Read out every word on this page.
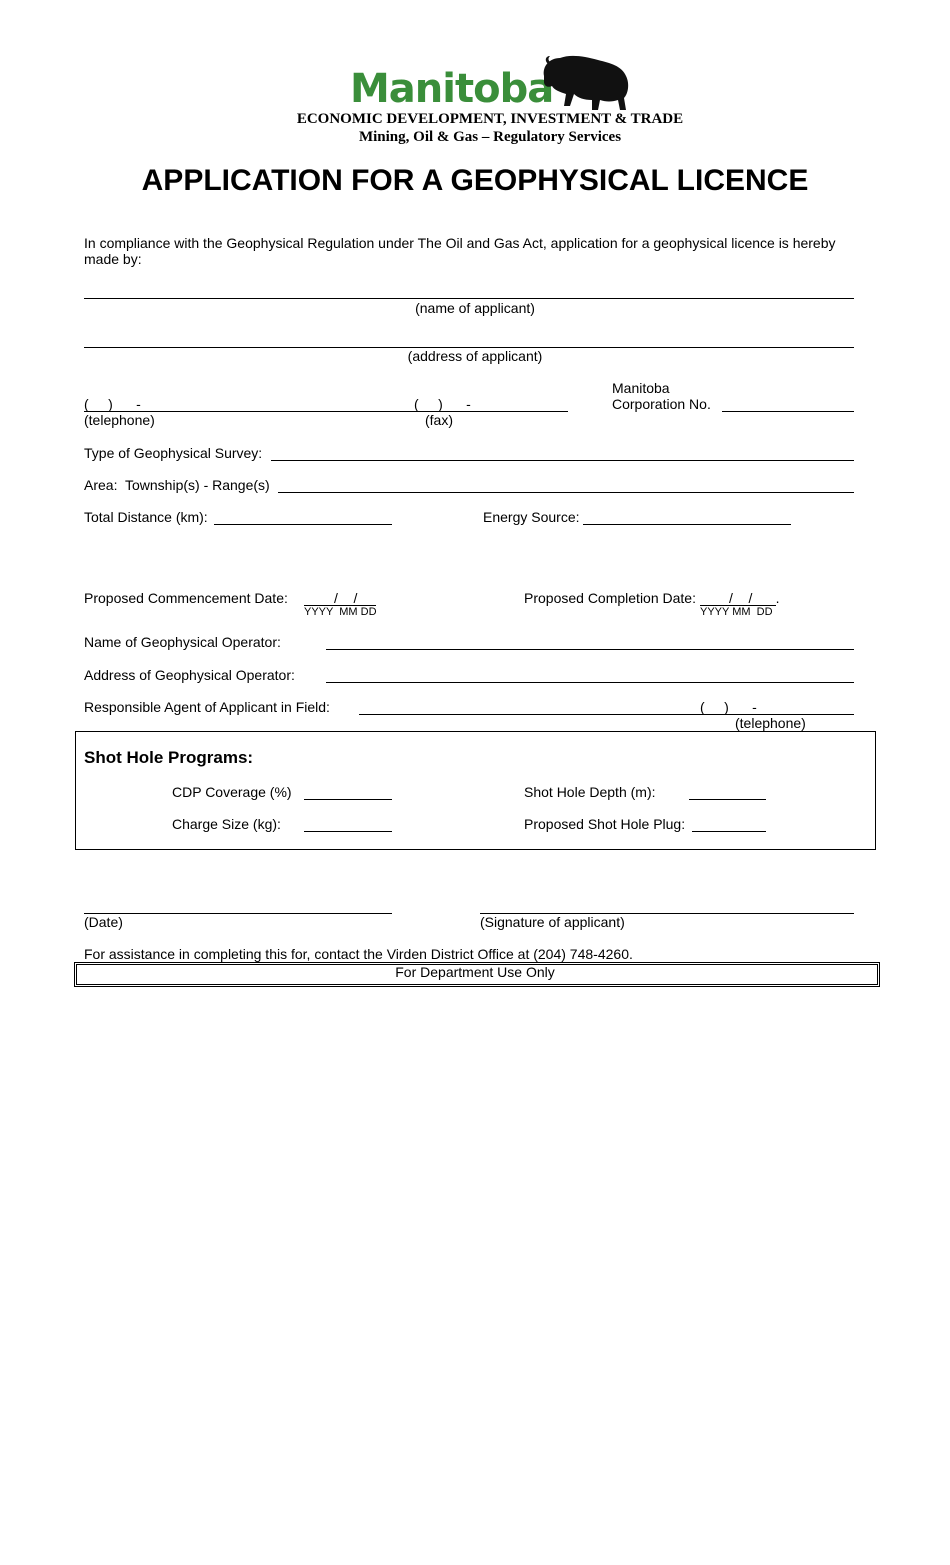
Manitoba
ECONOMIC DEVELOPMENT, INVESTMENT & TRADE
Mining, Oil & Gas – Regulatory Services
APPLICATION FOR A GEOPHYSICAL LICENCE
In compliance with the Geophysical Regulation under The Oil and Gas Act, application for a geophysical licence is hereby made by:
(name of applicant)
(address of applicant)
(     )      -	(     )      -
(telephone)	(fax)
Manitoba
Corporation No.
Type of Geophysical Survey:
Area:  Township(s) - Range(s)
Total Distance (km):	Energy Source:
Proposed Commencement Date:	/    /
YYYY  MM DD
Proposed Completion Date: /    /      .
YYYY MM  DD
Name of Geophysical Operator:
Address of Geophysical Operator:
Responsible Agent of Applicant in Field:	(     )      -
(telephone)
Shot Hole Programs:
CDP Coverage (%)	Shot Hole Depth (m):
Charge Size (kg):	Proposed Shot Hole Plug:
(Date)	(Signature of applicant)
For assistance in completing this for, contact the Virden District Office at (204) 748-4260.
For Department Use Only
